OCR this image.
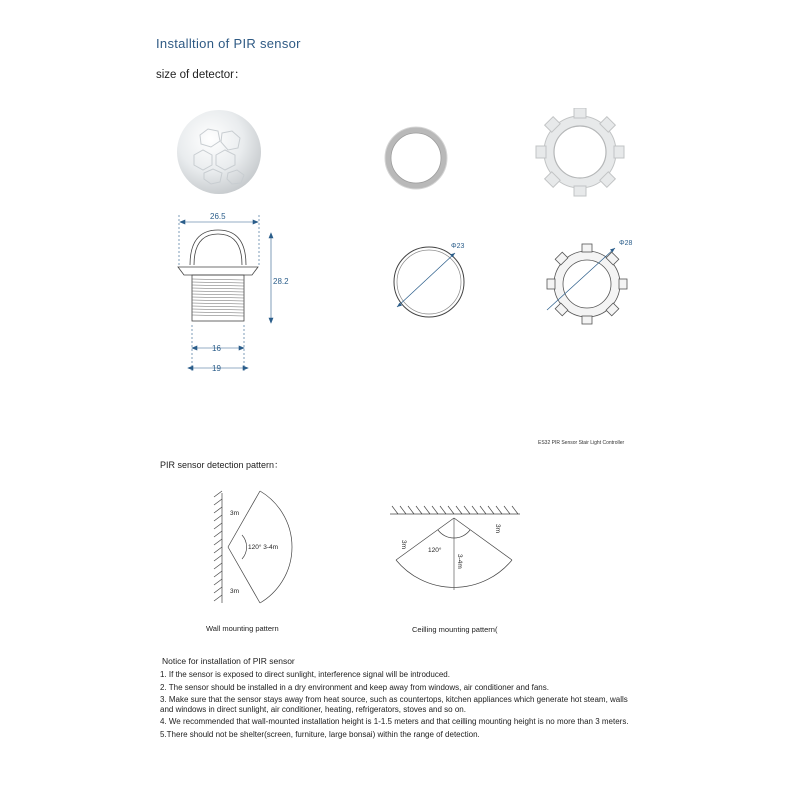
Installtion of PIR sensor
size of detector：
26.5
28.2
16
19
Φ23	Φ28
ES32 PIR Sensor Stair Light Controller
PIR sensor detection pattern：
3m
120° 3-4m
3m
Wall mounting pattern
3m
3m
120°
3-4m
Ceilling mounting pattern(
Notice for installation of PIR sensor
1. If the sensor is exposed to direct sunlight, interference signal will be introduced.
2. The sensor should be installed in a dry environment and keep away from windows, air conditioner and fans.
3. Make sure that the sensor stays away from heat source, such as countertops, kitchen appliances which generate hot steam, walls and windows in direct sunlight, air conditioner, heating, refrigerators, stoves and so on.
4. We recommended that wall-mounted installation height is 1-1.5 meters and that ceilling mounting height is no more than 3 meters.
5.There should not be shelter(screen, furniture, large bonsai) within the range of detection.
